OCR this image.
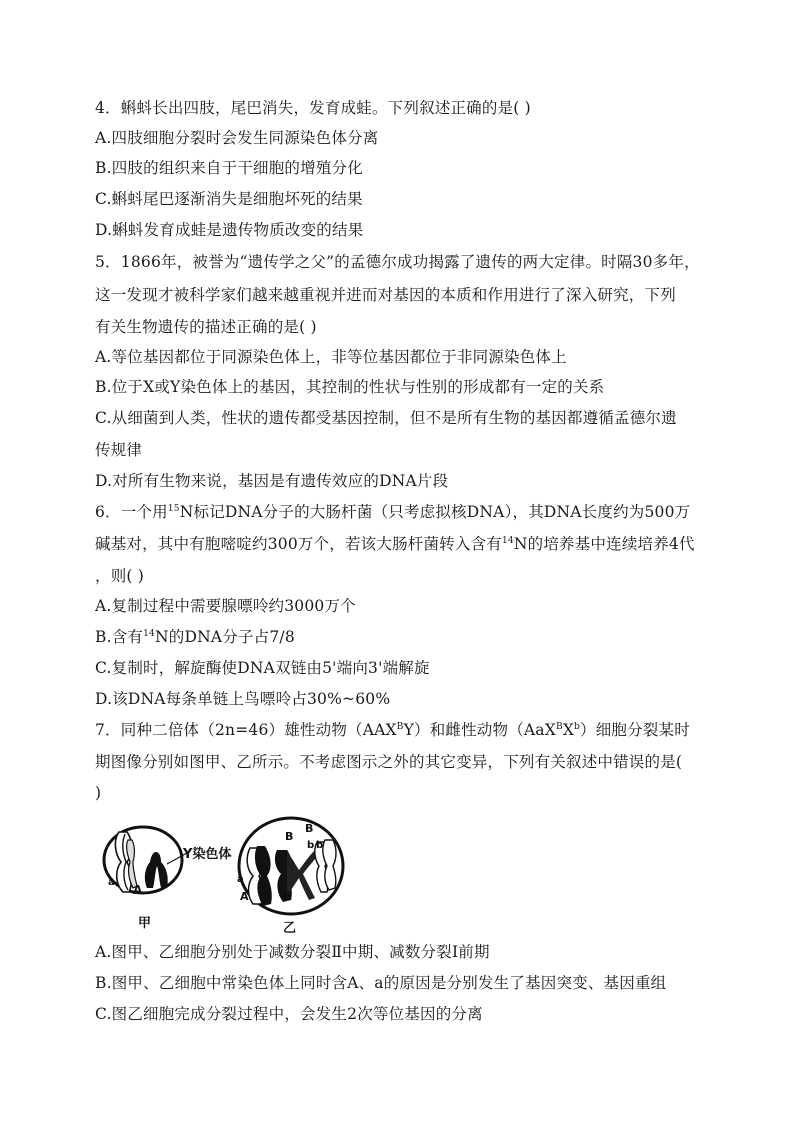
4．蝌蚪长出四肢，尾巴消失，发育成蛙。下列叙述正确的是( )
A.四肢细胞分裂时会发生同源染色体分离
B.四肢的组织来自于干细胞的增殖分化
C.蝌蚪尾巴逐渐消失是细胞坏死的结果
D.蝌蚪发育成蛙是遗传物质改变的结果
5．1866年，被誉为“遗传学之父”的孟德尔成功揭露了遗传的两大定律。时隔30多年，
这一发现才被科学家们越来越重视并进而对基因的本质和作用进行了深入研究，下列
有关生物遗传的描述正确的是( )
A.等位基因都位于同源染色体上，非等位基因都位于非同源染色体上
B.位于X或Y染色体上的基因，其控制的性状与性别的形成都有一定的关系
C.从细菌到人类，性状的遗传都受基因控制，但不是所有生物的基因都遵循孟德尔遗
传规律
D.对所有生物来说，基因是有遗传效应的DNA片段
6．一个用$^{15}$N标记DNA分子的大肠杆菌（只考虑拟核DNA），其DNA长度约为500万
碱基对，其中有胞嘧啶约300万个，若该大肠杆菌转入含有$^{14}$N的培养基中连续培养4代
，则( )
A.复制过程中需要腺嘌呤约3000万个
B.含有$^{14}$N的DNA分子占7/8
C.复制时，解旋酶使DNA双链由5'端向3'端解旋
D.该DNA每条单链上鸟嘌呤占30%~60%
7．同种二倍体（2n=46）雄性动物$(AAX^BY)$和雌性动物$(AaX^BX^b)$细胞分裂某时
期图像分别如图甲、乙所示。不考虑图示之外的其它变异，下列有关叙述中错误的是(
)
a
A
Y染色体
甲
B
B
b b
a
A	A
乙
A.图甲、乙细胞分别处于减数分裂Ⅱ中期、减数分裂Ⅰ前期
B.图甲、乙细胞中常染色体上同时含A、a的原因是分别发生了基因突变、基因重组
C.图乙细胞完成分裂过程中，会发生2次等位基因的分离
